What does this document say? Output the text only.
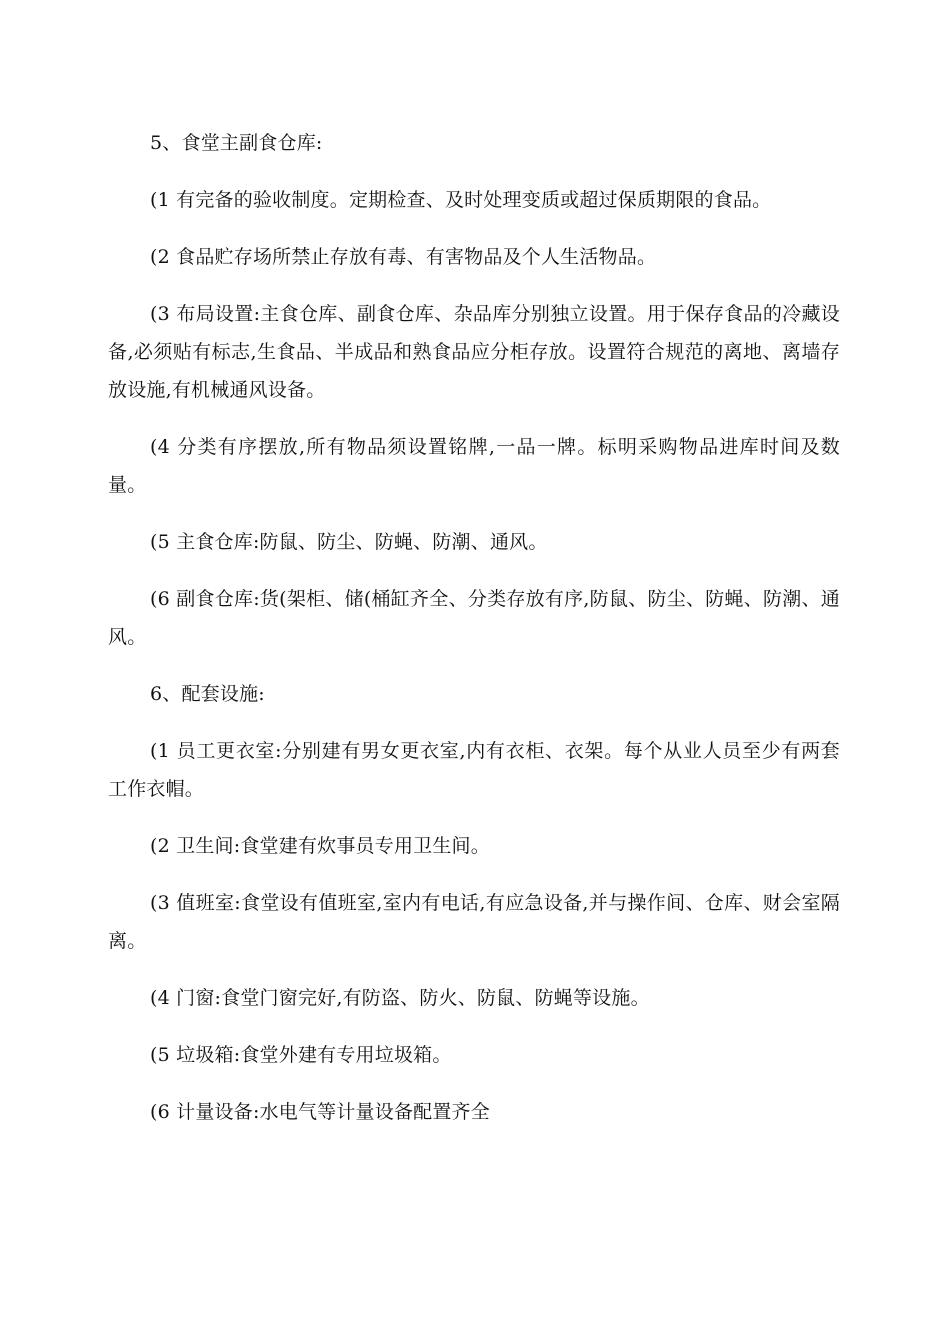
5、食堂主副食仓库:

(1 有完备的验收制度。定期检查、及时处理变质或超过保质期限的食品。

(2 食品贮存场所禁止存放有毒、有害物品及个人生活物品。

(3 布局设置:主食仓库、副食仓库、杂品库分别独立设置。用于保存食品的冷藏设备,必须贴有标志,生食品、半成品和熟食品应分柜存放。设置符合规范的离地、离墙存放设施,有机械通风设备。

(4 分类有序摆放,所有物品须设置铭牌,一品一牌。标明采购物品进库时间及数量。

(5 主食仓库:防鼠、防尘、防蝇、防潮、通风。

(6 副食仓库:货(架柜、储(桶缸齐全、分类存放有序,防鼠、防尘、防蝇、防潮、通风。

6、配套设施:

(1 员工更衣室:分别建有男女更衣室,内有衣柜、衣架。每个从业人员至少有两套工作衣帽。

(2 卫生间:食堂建有炊事员专用卫生间。

(3 值班室:食堂设有值班室,室内有电话,有应急设备,并与操作间、仓库、财会室隔离。

(4 门窗:食堂门窗完好,有防盗、防火、防鼠、防蝇等设施。

(5 垃圾箱:食堂外建有专用垃圾箱。

(6 计量设备:水电气等计量设备配置齐全
